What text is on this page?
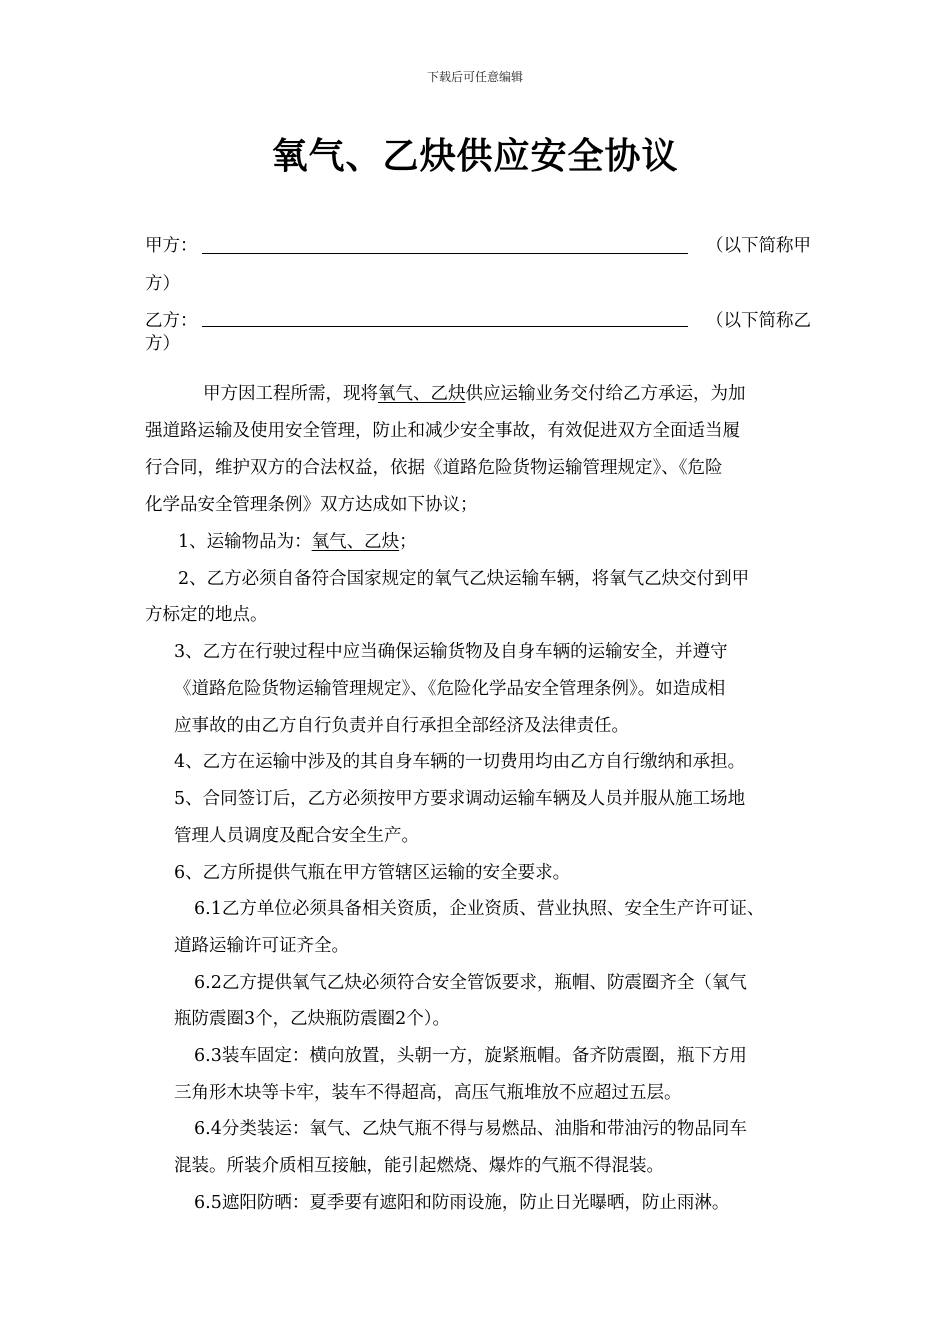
下载后可任意编辑
氧气、乙炔供应安全协议
甲方：	（以下简称甲
方）
乙方：	（以下简称乙
方）
甲方因工程所需，现将氧气、乙炔供应运输业务交付给乙方承运，为加
强道路运输及使用安全管理，防止和减少安全事故，有效促进双方全面适当履
行合同，维护双方的合法权益，依据《道路危险货物运输管理规定》、《危险
化学品安全管理条例》双方达成如下协议；
1、运输物品为：氧气、乙炔；
2、乙方必须自备符合国家规定的氧气乙炔运输车辆，将氧气乙炔交付到甲
方标定的地点。
3、乙方在行驶过程中应当确保运输货物及自身车辆的运输安全，并遵守
《道路危险货物运输管理规定》、《危险化学品安全管理条例》。如造成相
应事故的由乙方自行负责并自行承担全部经济及法律责任。
4、乙方在运输中涉及的其自身车辆的一切费用均由乙方自行缴纳和承担。
5、合同签订后，乙方必须按甲方要求调动运输车辆及人员并服从施工场地
管理人员调度及配合安全生产。
6、乙方所提供气瓶在甲方管辖区运输的安全要求。
6.1乙方单位必须具备相关资质，企业资质、营业执照、安全生产许可证、
道路运输许可证齐全。
6.2乙方提供氧气乙炔必须符合安全管饭要求，瓶帽、防震圈齐全（氧气
瓶防震圈3个，乙炔瓶防震圈2个）。
6.3装车固定：横向放置，头朝一方，旋紧瓶帽。备齐防震圈，瓶下方用
三角形木块等卡牢，装车不得超高，高压气瓶堆放不应超过五层。
6.4分类装运：氧气、乙炔气瓶不得与易燃品、油脂和带油污的物品同车
混装。所装介质相互接触，能引起燃烧、爆炸的气瓶不得混装。
6.5遮阳防晒：夏季要有遮阳和防雨设施，防止日光曝晒，防止雨淋。
